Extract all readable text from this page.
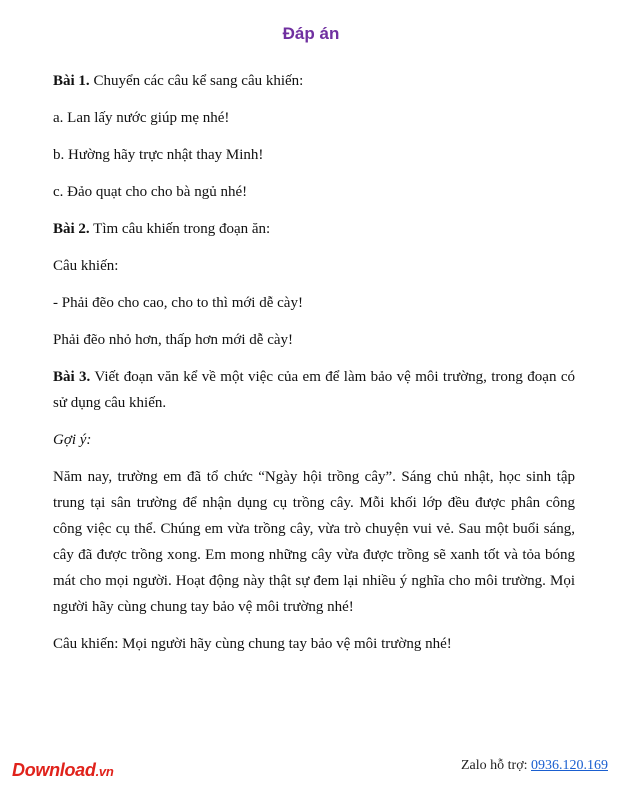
Đáp án

Bài 1. Chuyển các câu kể sang câu khiến:

a. Lan lấy nước giúp mẹ nhé!

b. Hường hãy trực nhật thay Minh!

c. Đảo quạt cho cho bà ngủ nhé!

Bài 2. Tìm câu khiến trong đoạn ăn:

Câu khiến:

- Phải đẽo cho cao, cho to thì mới dễ cày!

Phải đẽo nhỏ hơn, thấp hơn mới dễ cày!

Bài 3. Viết đoạn văn kể về một việc của em để làm bảo vệ môi trường, trong đoạn có sử dụng câu khiến.

Gợi ý:

Năm nay, trường em đã tổ chức “Ngày hội trồng cây”. Sáng chủ nhật, học sinh tập trung tại sân trường để nhận dụng cụ trồng cây. Mỗi khối lớp đều được phân công công việc cụ thể. Chúng em vừa trồng cây, vừa trò chuyện vui vẻ. Sau một buổi sáng, cây đã được trồng xong. Em mong những cây vừa được trồng sẽ xanh tốt và tỏa bóng mát cho mọi người. Hoạt động này thật sự đem lại nhiều ý nghĩa cho môi trường. Mọi người hãy cùng chung tay bảo vệ môi trường nhé!

Câu khiến: Mọi người hãy cùng chung tay bảo vệ môi trường nhé!

Download.vn	Zalo hỗ trợ: 0936.120.169
